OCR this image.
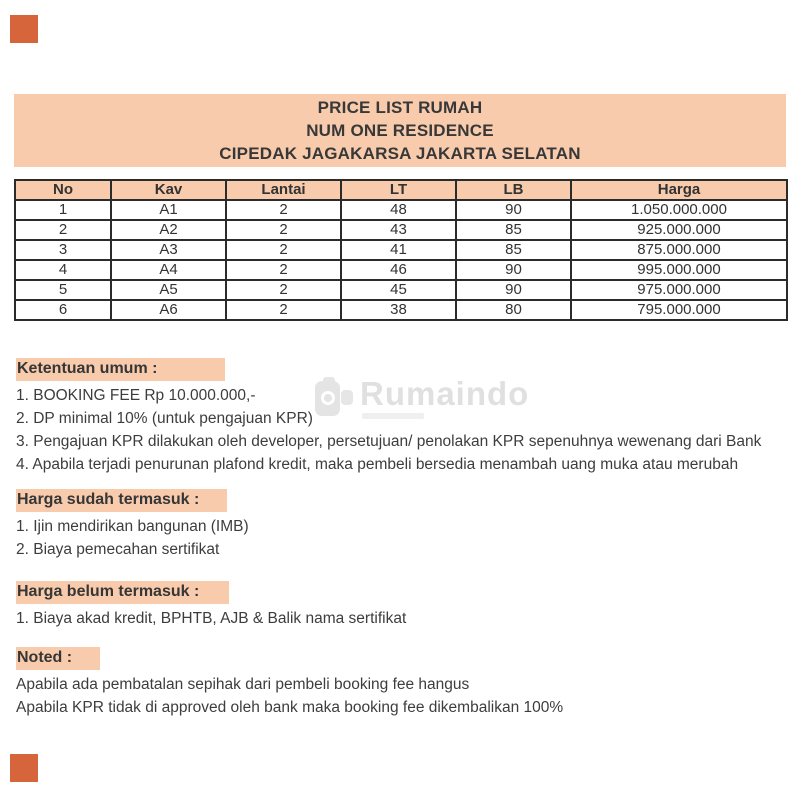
Rumaindo
PRICE LIST RUMAH
NUM ONE RESIDENCE
CIPEDAK JAGAKARSA JAKARTA SELATAN
No	Kav	Lantai	LT	LB	Harga
1	A1	2	48	90	1.050.000.000
2	A2	2	43	85	925.000.000
3	A3	2	41	85	875.000.000
4	A4	2	46	90	995.000.000
5	A5	2	45	90	975.000.000
6	A6	2	38	80	795.000.000
Ketentuan umum :
1. BOOKING FEE Rp 10.000.000,-
2. DP minimal 10% (untuk pengajuan KPR)
3. Pengajuan KPR dilakukan oleh developer, persetujuan/ penolakan KPR sepenuhnya wewenang dari Bank
4. Apabila terjadi penurunan plafond kredit, maka pembeli bersedia menambah uang muka atau merubah
Harga sudah termasuk :
1. Ijin mendirikan bangunan (IMB)
2. Biaya pemecahan sertifikat
Harga belum termasuk :
1. Biaya akad kredit, BPHTB, AJB & Balik nama sertifikat
Noted :
Apabila ada pembatalan sepihak dari pembeli booking fee hangus
Apabila KPR tidak di approved oleh bank maka booking fee dikembalikan 100%
